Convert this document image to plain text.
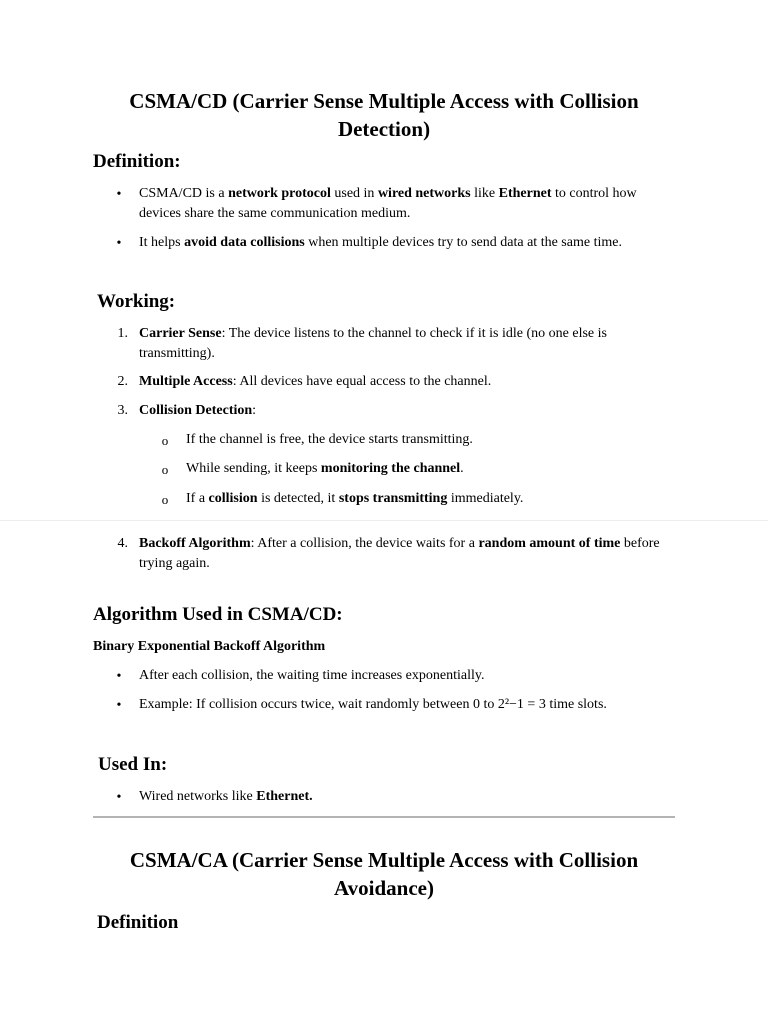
CSMA/CD (Carrier Sense Multiple Access with Collision Detection)
Definition:
•	CSMA/CD is a network protocol used in wired networks like Ethernet to control how devices share the same communication medium.
•	It helps avoid data collisions when multiple devices try to send data at the same time.
Working:
1. Carrier Sense: The device listens to the channel to check if it is idle (no one else is transmitting).
2. Multiple Access: All devices have equal access to the channel.
3. Collision Detection:
o If the channel is free, the device starts transmitting.
o While sending, it keeps monitoring the channel.
o If a collision is detected, it stops transmitting immediately.
4. Backoff Algorithm: After a collision, the device waits for a random amount of time before trying again.
Algorithm Used in CSMA/CD:
Binary Exponential Backoff Algorithm
•	After each collision, the waiting time increases exponentially.
•	Example: If collision occurs twice, wait randomly between 0 to 2²−1 = 3 time slots.
Used In:
•	Wired networks like Ethernet.
CSMA/CA (Carrier Sense Multiple Access with Collision Avoidance)
Definition
